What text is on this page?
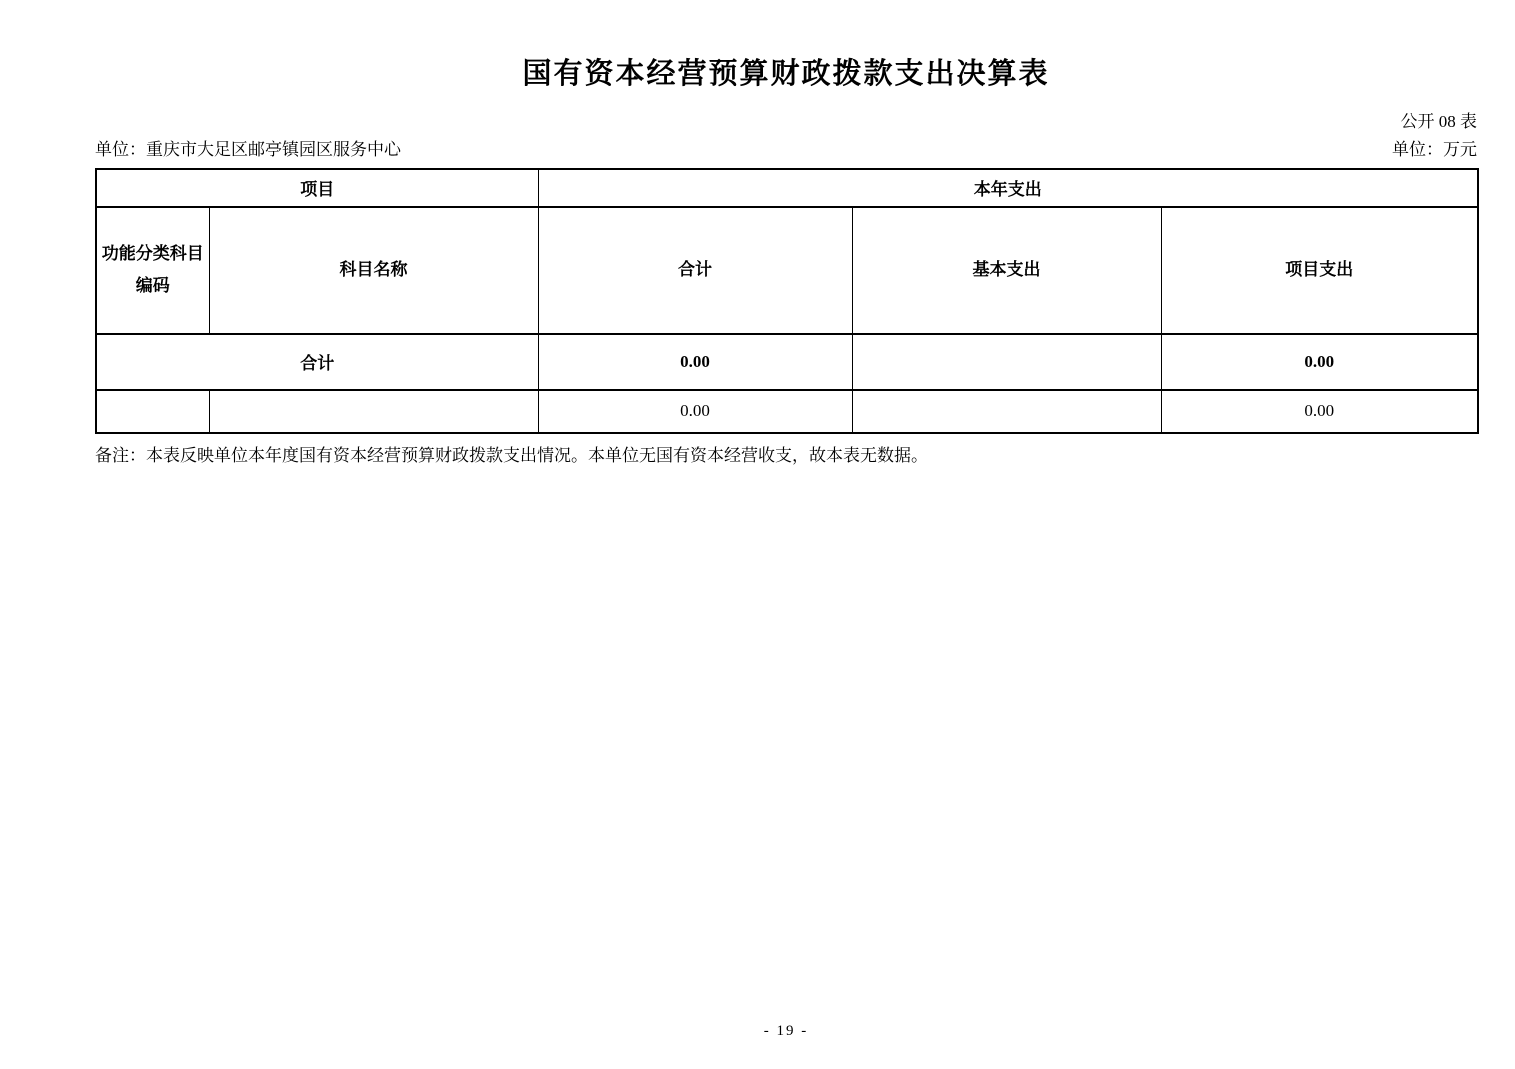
国有资本经营预算财政拨款支出决算表
公开 08 表
单位：重庆市大足区邮亭镇园区服务中心	单位：万元
项目		本年支出		
功能分类科目编码	科目名称	合计	基本支出	项目支出
合计		0.00		0.00
		0.00		0.00
备注：本表反映单位本年度国有资本经营预算财政拨款支出情况。本单位无国有资本经营收支，故本表无数据。
- 19 -
